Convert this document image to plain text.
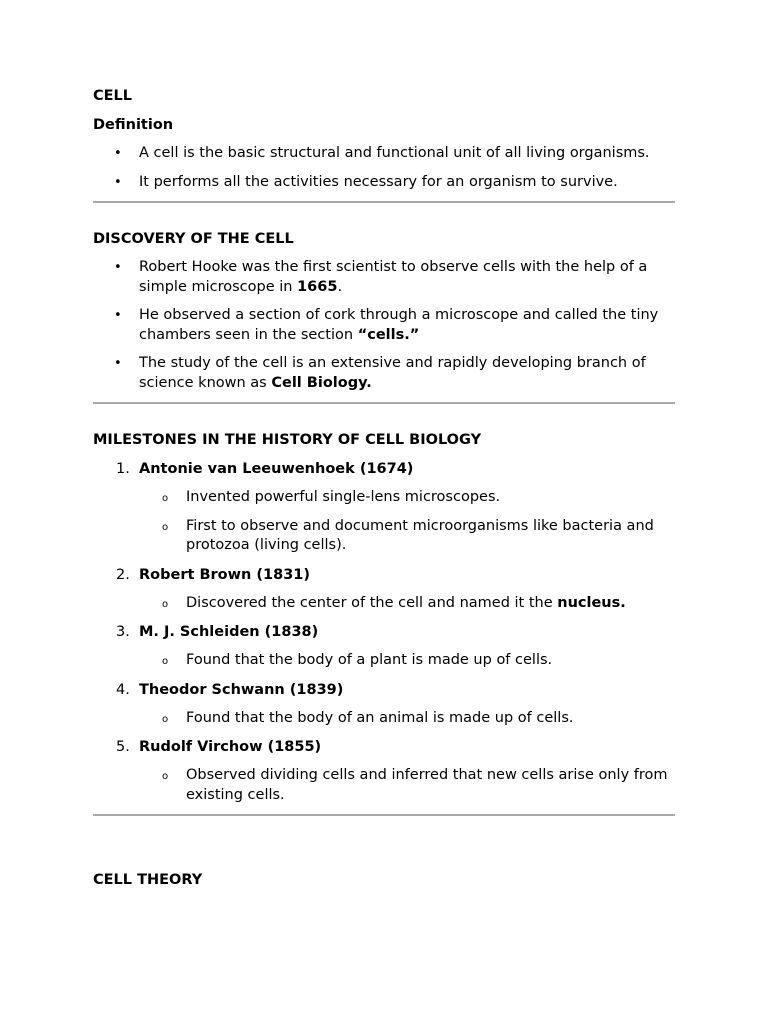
CELL
Definition
• A cell is the basic structural and functional unit of all living organisms.
• It performs all the activities necessary for an organism to survive.
DISCOVERY OF THE CELL
• Robert Hooke was the first scientist to observe cells with the help of a simple microscope in 1665.
• He observed a section of cork through a microscope and called the tiny chambers seen in the section “cells.”
• The study of the cell is an extensive and rapidly developing branch of science known as Cell Biology.
MILESTONES IN THE HISTORY OF CELL BIOLOGY
1. Antonie van Leeuwenhoek (1674)
o Invented powerful single-lens microscopes.
o First to observe and document microorganisms like bacteria and protozoa (living cells).
2. Robert Brown (1831)
o Discovered the center of the cell and named it the nucleus.
3. M. J. Schleiden (1838)
o Found that the body of a plant is made up of cells.
4. Theodor Schwann (1839)
o Found that the body of an animal is made up of cells.
5. Rudolf Virchow (1855)
o Observed dividing cells and inferred that new cells arise only from existing cells.
CELL THEORY
